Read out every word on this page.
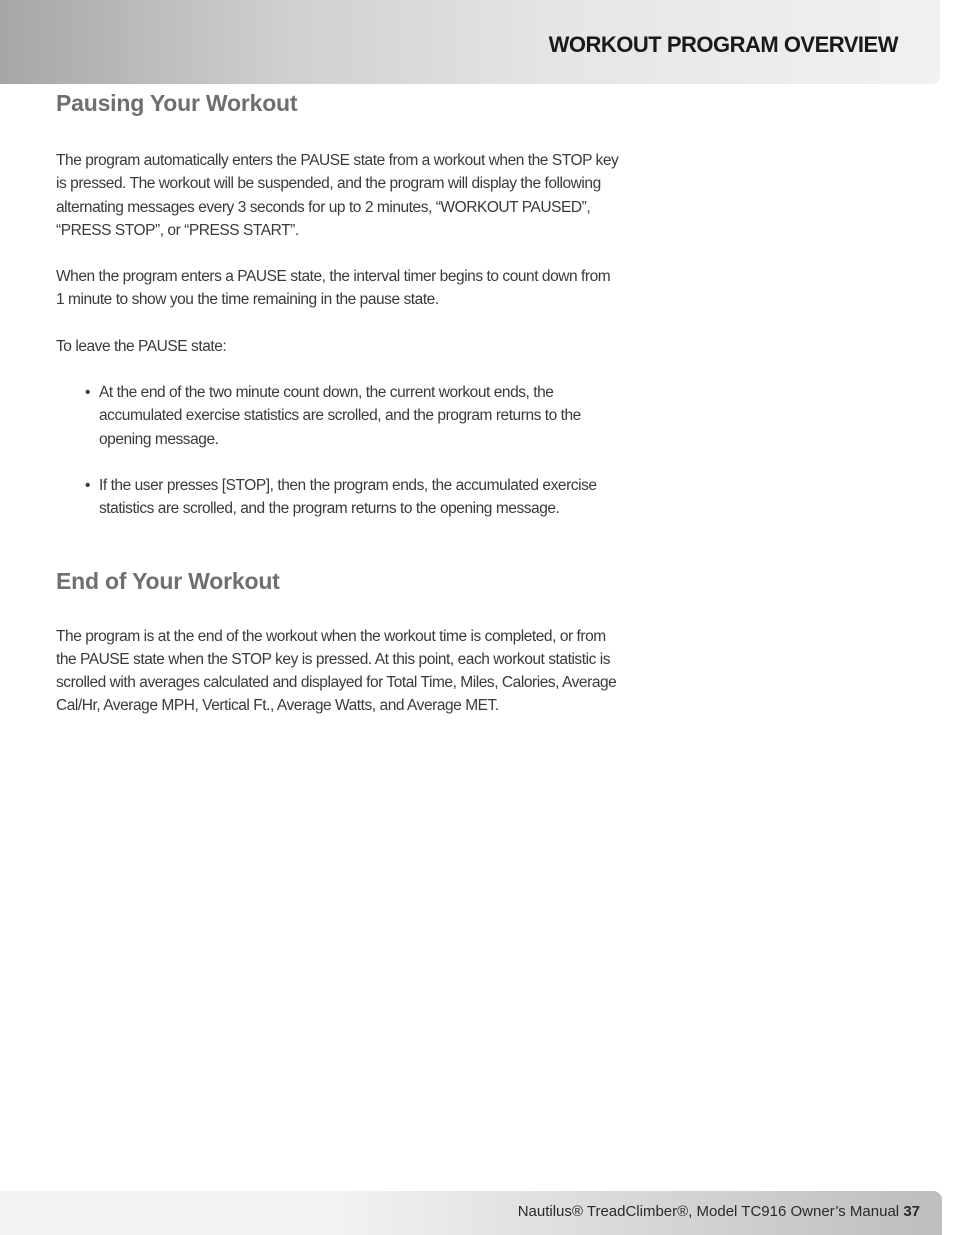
WORKOUT PROGRAM OVERVIEW
Pausing Your Workout

The program automatically enters the PAUSE state from a workout when the STOP key is pressed. The workout will be suspended, and the program will display the following alternating messages every 3 seconds for up to 2 minutes, “WORKOUT PAUSED”, “PRESS STOP”, or “PRESS START”.

When the program enters a PAUSE state, the interval timer begins to count down from 1 minute to show you the time remaining in the pause state.

To leave the PAUSE state:

• At the end of the two minute count down, the current workout ends, the accumulated exercise statistics are scrolled, and the program returns to the opening message.
• If the user presses [STOP], then the program ends, the accumulated exercise statistics are scrolled, and the program returns to the opening message.
End of Your Workout

The program is at the end of the workout when the workout time is completed, or from the PAUSE state when the STOP key is pressed. At this point, each workout statistic is scrolled with averages calculated and displayed for Total Time, Miles, Calories, Average Cal/Hr, Average MPH, Vertical Ft., Average Watts, and Average MET.

Nautilus® TreadClimber®, Model TC916 Owner’s Manual 37
